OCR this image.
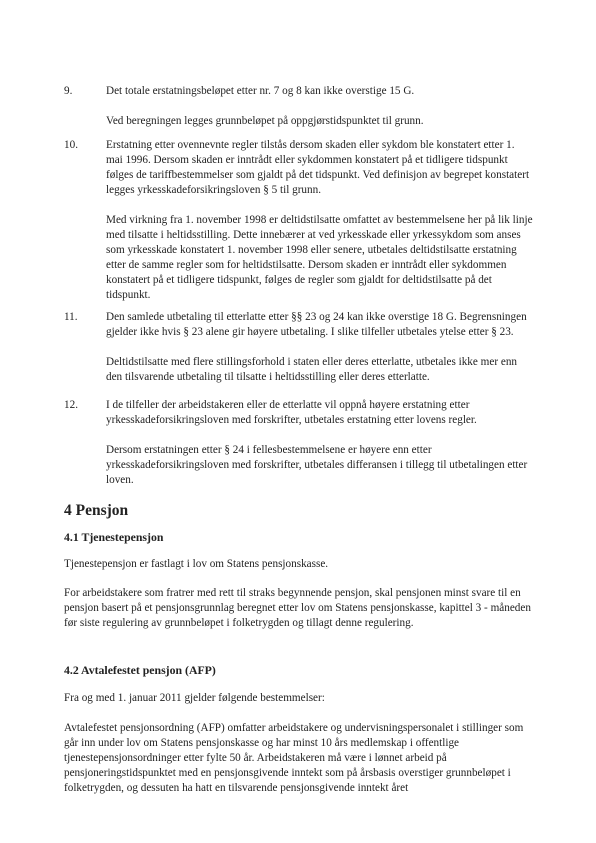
9.	Det totale erstatningsbeløpet etter nr. 7 og 8 kan ikke overstige 15 G.

Ved beregningen legges grunnbeløpet på oppgjørstidspunktet til grunn.

10.	Erstatning etter ovennevnte regler tilstås dersom skaden eller sykdom ble konstatert etter 1. mai 1996. Dersom skaden er inntrådt eller sykdommen konstatert på et tidligere tidspunkt følges de tariffbestemmelser som gjaldt på det tidspunkt. Ved definisjon av begrepet konstatert legges yrkesskadeforsikringsloven § 5 til grunn.

Med virkning fra 1. november 1998 er deltidstilsatte omfattet av bestemmelsene her på lik linje med tilsatte i heltidsstilling. Dette innebærer at ved yrkesskade eller yrkessykdom som anses som yrkesskade konstatert 1. november 1998 eller senere, utbetales deltidstilsatte erstatning etter de samme regler som for heltidstilsatte. Dersom skaden er inntrådt eller sykdommen konstatert på et tidligere tidspunkt, følges de regler som gjaldt for deltidstilsatte på det tidspunkt.

11.	Den samlede utbetaling til etterlatte etter §§ 23 og 24 kan ikke overstige 18 G. Begrensningen gjelder ikke hvis § 23 alene gir høyere utbetaling. I slike tilfeller utbetales ytelse etter § 23.

Deltidstilsatte med flere stillingsforhold i staten eller deres etterlatte, utbetales ikke mer enn den tilsvarende utbetaling til tilsatte i heltidsstilling eller deres etterlatte.

12.	I de tilfeller der arbeidstakeren eller de etterlatte vil oppnå høyere erstatning etter yrkesskadeforsikringsloven med forskrifter, utbetales erstatning etter lovens regler.

Dersom erstatningen etter § 24 i fellesbestemmelsene er høyere enn etter yrkesskadeforsikringsloven med forskrifter, utbetales differansen i tillegg til utbetalingen etter loven.

4 Pensjon
4.1 Tjenestepensjon

Tjenestepensjon er fastlagt i lov om Statens pensjonskasse.

For arbeidstakere som fratrer med rett til straks begynnende pensjon, skal pensjonen minst svare til en pensjon basert på et pensjonsgrunnlag beregnet etter lov om Statens pensjonskasse, kapittel 3 - måneden før siste regulering av grunnbeløpet i folketrygden og tillagt denne regulering.

4.2 Avtalefestet pensjon (AFP)

Fra og med 1. januar 2011 gjelder følgende bestemmelser:

Avtalefestet pensjonsordning (AFP) omfatter arbeidstakere og undervisningspersonalet i stillinger som går inn under lov om Statens pensjonskasse og har minst 10 års medlemskap i offentlige tjenestepensjonsordninger etter fylte 50 år. Arbeidstakeren må være i lønnet arbeid på pensjoneringstidspunktet med en pensjonsgivende inntekt som på årsbasis overstiger grunnbeløpet i folketrygden, og dessuten ha hatt en tilsvarende pensjonsgivende inntekt året
